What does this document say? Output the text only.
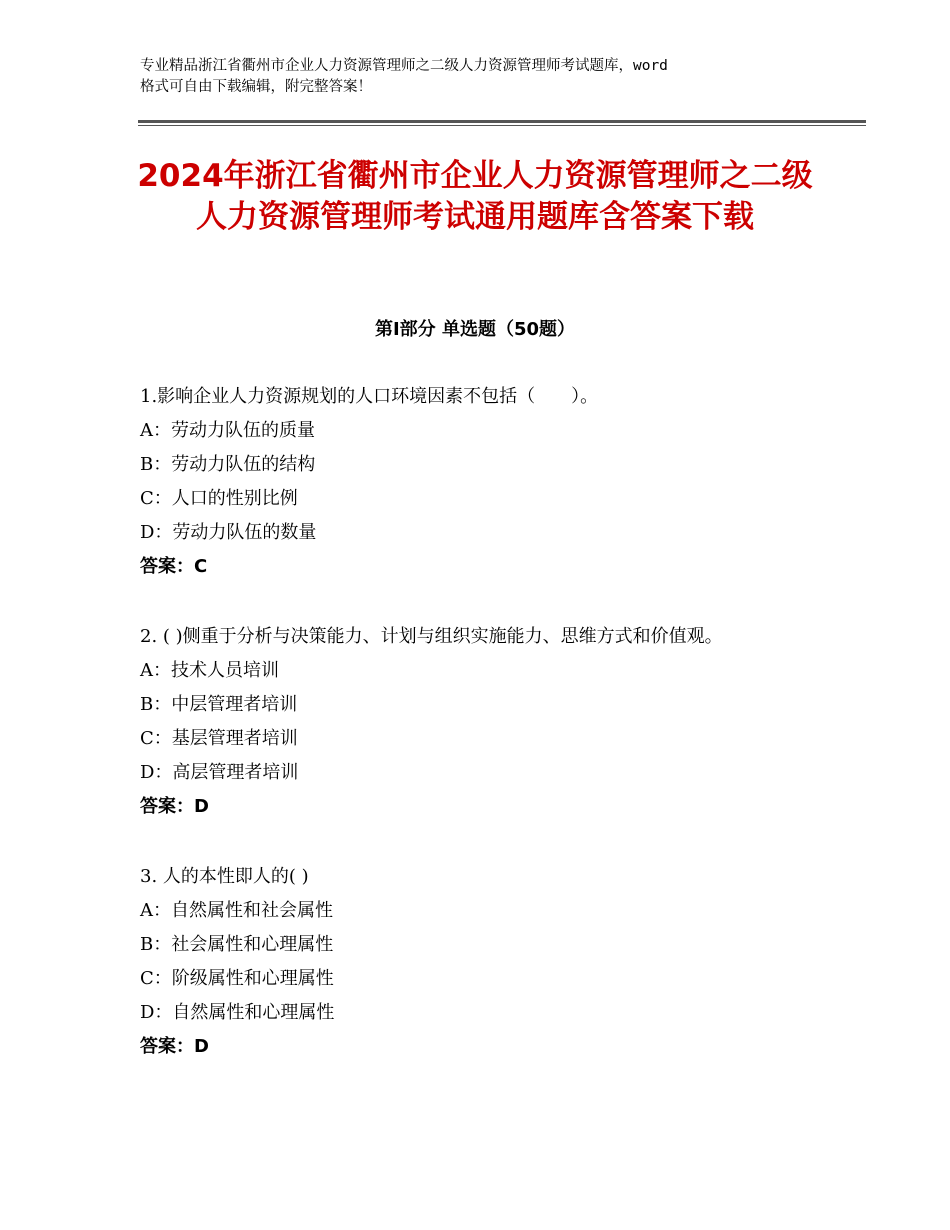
专业精品浙江省衢州市企业人力资源管理师之二级人力资源管理师考试题库，word
格式可自由下载编辑，附完整答案！
2024年浙江省衢州市企业人力资源管理师之二级人力资源管理师考试通用题库含答案下载
第Ⅰ部分 单选题（50题）

1.影响企业人力资源规划的人口环境因素不包括（　　）。

A：劳动力队伍的质量

B：劳动力队伍的结构

C：人口的性别比例

D：劳动力队伍的数量

答案：C

2. ( )侧重于分析与决策能力、计划与组织实施能力、思维方式和价值观。

A：技术人员培训

B：中层管理者培训

C：基层管理者培训

D：高层管理者培训

答案：D

3. 人的本性即人的( )

A：自然属性和社会属性

B：社会属性和心理属性

C：阶级属性和心理属性

D：自然属性和心理属性

答案：D
